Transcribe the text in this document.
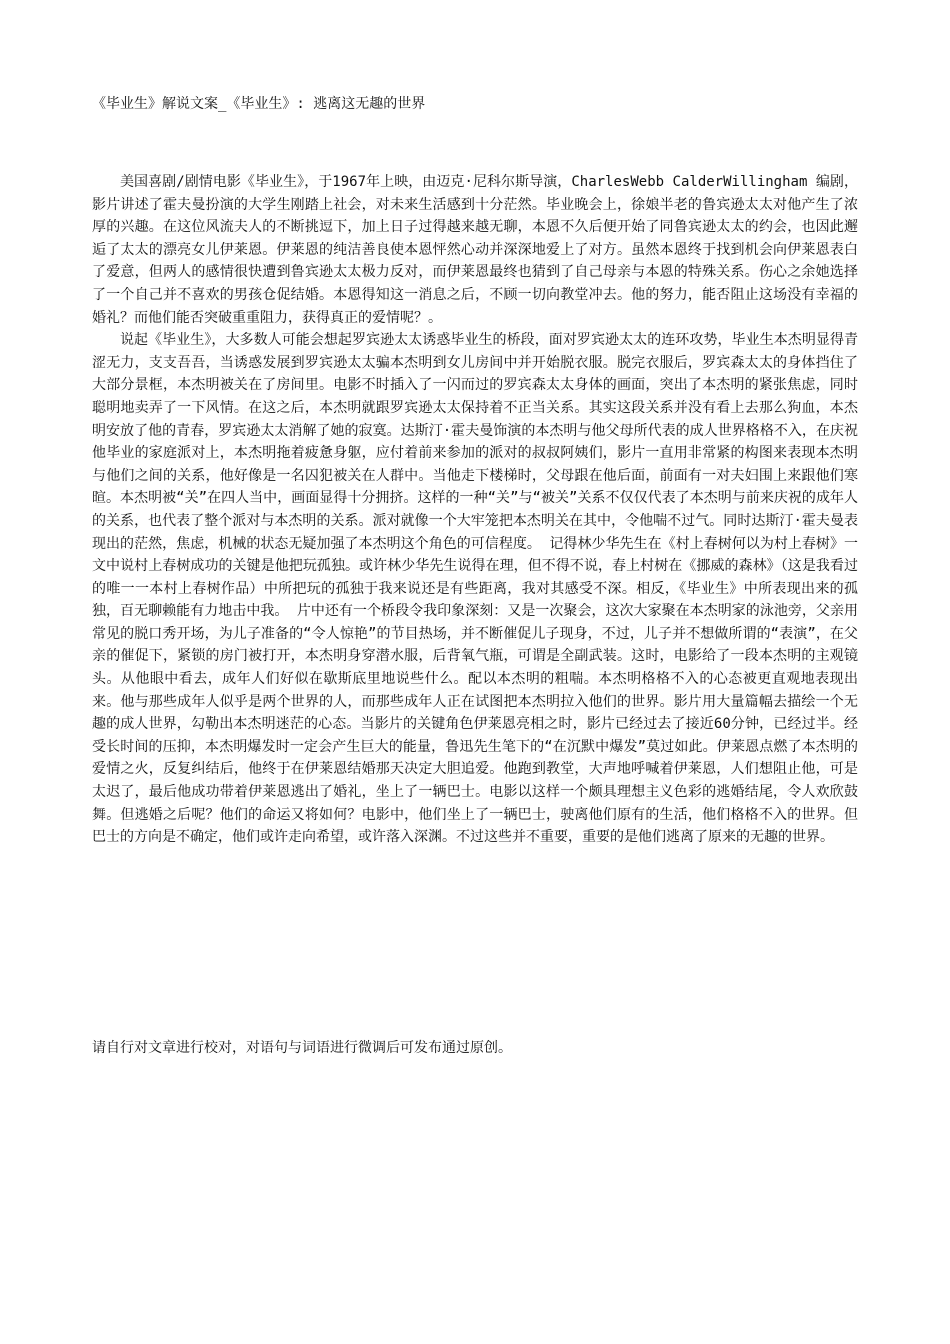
《毕业生》解说文案_《毕业生》: 逃离这无趣的世界

美国喜剧/剧情电影《毕业生》，于1967年上映，由迈克·尼科尔斯导演，CharlesWebb CalderWillingham 编剧，影片讲述了霍夫曼扮演的大学生刚踏上社会，对未来生活感到十分茫然。毕业晚会上，徐娘半老的鲁宾逊太太对他产生了浓厚的兴趣。在这位风流夫人的不断挑逗下，加上日子过得越来越无聊，本恩不久后便开始了同鲁宾逊太太的约会，也因此邂逅了太太的漂亮女儿伊莱恩。伊莱恩的纯洁善良使本恩怦然心动并深深地爱上了对方。虽然本恩终于找到机会向伊莱恩表白了爱意，但两人的感情很快遭到鲁宾逊太太极力反对，而伊莱恩最终也猜到了自己母亲与本恩的特殊关系。伤心之余她选择了一个自己并不喜欢的男孩仓促结婚。本恩得知这一消息之后，不顾一切向教堂冲去。他的努力，能否阻止这场没有幸福的婚礼？而他们能否突破重重阻力，获得真正的爱情呢？。

说起《毕业生》，大多数人可能会想起罗宾逊太太诱惑毕业生的桥段，面对罗宾逊太太的连环攻势，毕业生本杰明显得青涩无力，支支吾吾，当诱惑发展到罗宾逊太太骗本杰明到女儿房间中并开始脱衣服。脱完衣服后，罗宾森太太的身体挡住了大部分景框，本杰明被关在了房间里。电影不时插入了一闪而过的罗宾森太太身体的画面，突出了本杰明的紧张焦虑，同时聪明地卖弄了一下风情。在这之后，本杰明就跟罗宾逊太太保持着不正当关系。其实这段关系并没有看上去那么狗血，本杰明安放了他的青春，罗宾逊太太消解了她的寂寞。达斯汀·霍夫曼饰演的本杰明与他父母所代表的成人世界格格不入，在庆祝他毕业的家庭派对上，本杰明拖着疲惫身躯，应付着前来参加的派对的叔叔阿姨们，影片一直用非常紧的构图来表现本杰明与他们之间的关系，他好像是一名囚犯被关在人群中。当他走下楼梯时，父母跟在他后面，前面有一对夫妇围上来跟他们寒暄。本杰明被“关”在四人当中，画面显得十分拥挤。这样的一种“关”与“被关”关系不仅仅代表了本杰明与前来庆祝的成年人的关系，也代表了整个派对与本杰明的关系。派对就像一个大牢笼把本杰明关在其中，令他喘不过气。同时达斯汀·霍夫曼表现出的茫然，焦虑，机械的状态无疑加强了本杰明这个角色的可信程度。 记得林少华先生在《村上春树何以为村上春树》一文中说村上春树成功的关键是他把玩孤独。或许林少华先生说得在理，但不得不说，春上村树在《挪威的森林》（这是我看过的唯一一本村上春树作品）中所把玩的孤独于我来说还是有些距离，我对其感受不深。相反，《毕业生》中所表现出来的孤独，百无聊赖能有力地击中我。 片中还有一个桥段令我印象深刻：又是一次聚会，这次大家聚在本杰明家的泳池旁，父亲用常见的脱口秀开场，为儿子准备的“令人惊艳”的节目热场，并不断催促儿子现身，不过，儿子并不想做所谓的“表演”，在父亲的催促下，紧锁的房门被打开，本杰明身穿潜水服，后背氧气瓶，可谓是全副武装。这时，电影给了一段本杰明的主观镜头。从他眼中看去，成年人们好似在歇斯底里地说些什么。配以本杰明的粗喘。本杰明格格不入的心态被更直观地表现出来。他与那些成年人似乎是两个世界的人，而那些成年人正在试图把本杰明拉入他们的世界。影片用大量篇幅去描绘一个无趣的成人世界，勾勒出本杰明迷茫的心态。当影片的关键角色伊莱恩亮相之时，影片已经过去了接近60分钟，已经过半。经受长时间的压抑，本杰明爆发时一定会产生巨大的能量，鲁迅先生笔下的“在沉默中爆发”莫过如此。伊莱恩点燃了本杰明的爱情之火，反复纠结后，他终于在伊莱恩结婚那天决定大胆追爱。他跑到教堂，大声地呼喊着伊莱恩，人们想阻止他，可是太迟了，最后他成功带着伊莱恩逃出了婚礼，坐上了一辆巴士。电影以这样一个颇具理想主义色彩的逃婚结尾，令人欢欣鼓舞。但逃婚之后呢？他们的命运又将如何？电影中，他们坐上了一辆巴士，驶离他们原有的生活，他们格格不入的世界。但巴士的方向是不确定，他们或许走向希望，或许落入深渊。不过这些并不重要，重要的是他们逃离了原来的无趣的世界。

请自行对文章进行校对，对语句与词语进行微调后可发布通过原创。
